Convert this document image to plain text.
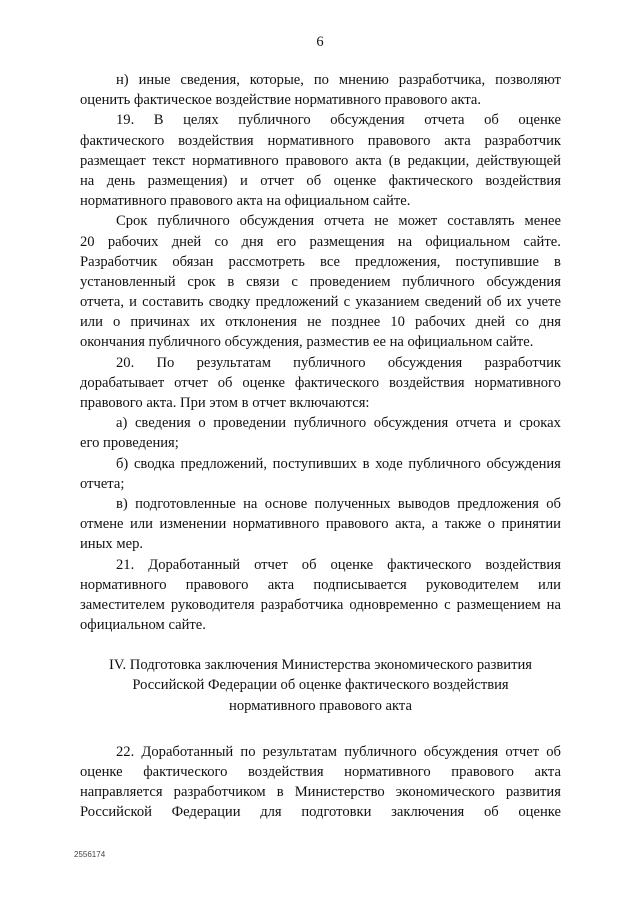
6

н) иные сведения, которые, по мнению разработчика, позволяют
оценить фактическое воздействие нормативного правового акта.

19. В целях публичного обсуждения отчета об оценке
фактического воздействия нормативного правового акта разработчик
размещает текст нормативного правового акта (в редакции, действующей
на день размещения) и отчет об оценке фактического воздействия
нормативного правового акта на официальном сайте.

Срок публичного обсуждения отчета не может составлять менее
20 рабочих дней со дня его размещения на официальном сайте.
Разработчик обязан рассмотреть все предложения, поступившие в
установленный срок в связи с проведением публичного обсуждения
отчета, и составить сводку предложений с указанием сведений об их учете
или о причинах их отклонения не позднее 10 рабочих дней со дня
окончания публичного обсуждения, разместив ее на официальном сайте.

20. По результатам публичного обсуждения разработчик
дорабатывает отчет об оценке фактического воздействия нормативного
правового акта. При этом в отчет включаются:

а) сведения о проведении публичного обсуждения отчета и сроках
его проведения;

б) сводка предложений, поступивших в ходе публичного обсуждения
отчета;

в) подготовленные на основе полученных выводов предложения об
отмене или изменении нормативного правового акта, а также о принятии
иных мер.

21. Доработанный отчет об оценке фактического воздействия
нормативного правового акта подписывается руководителем или
заместителем руководителя разработчика одновременно с размещением на
официальном сайте.

IV. Подготовка заключения Министерства экономического развития
Российской Федерации об оценке фактического воздействия
нормативного правового акта

22. Доработанный по результатам публичного обсуждения отчет об
оценке фактического воздействия нормативного правового акта
направляется разработчиком в Министерство экономического развития
Российской Федерации для подготовки заключения об оценке

2556174
